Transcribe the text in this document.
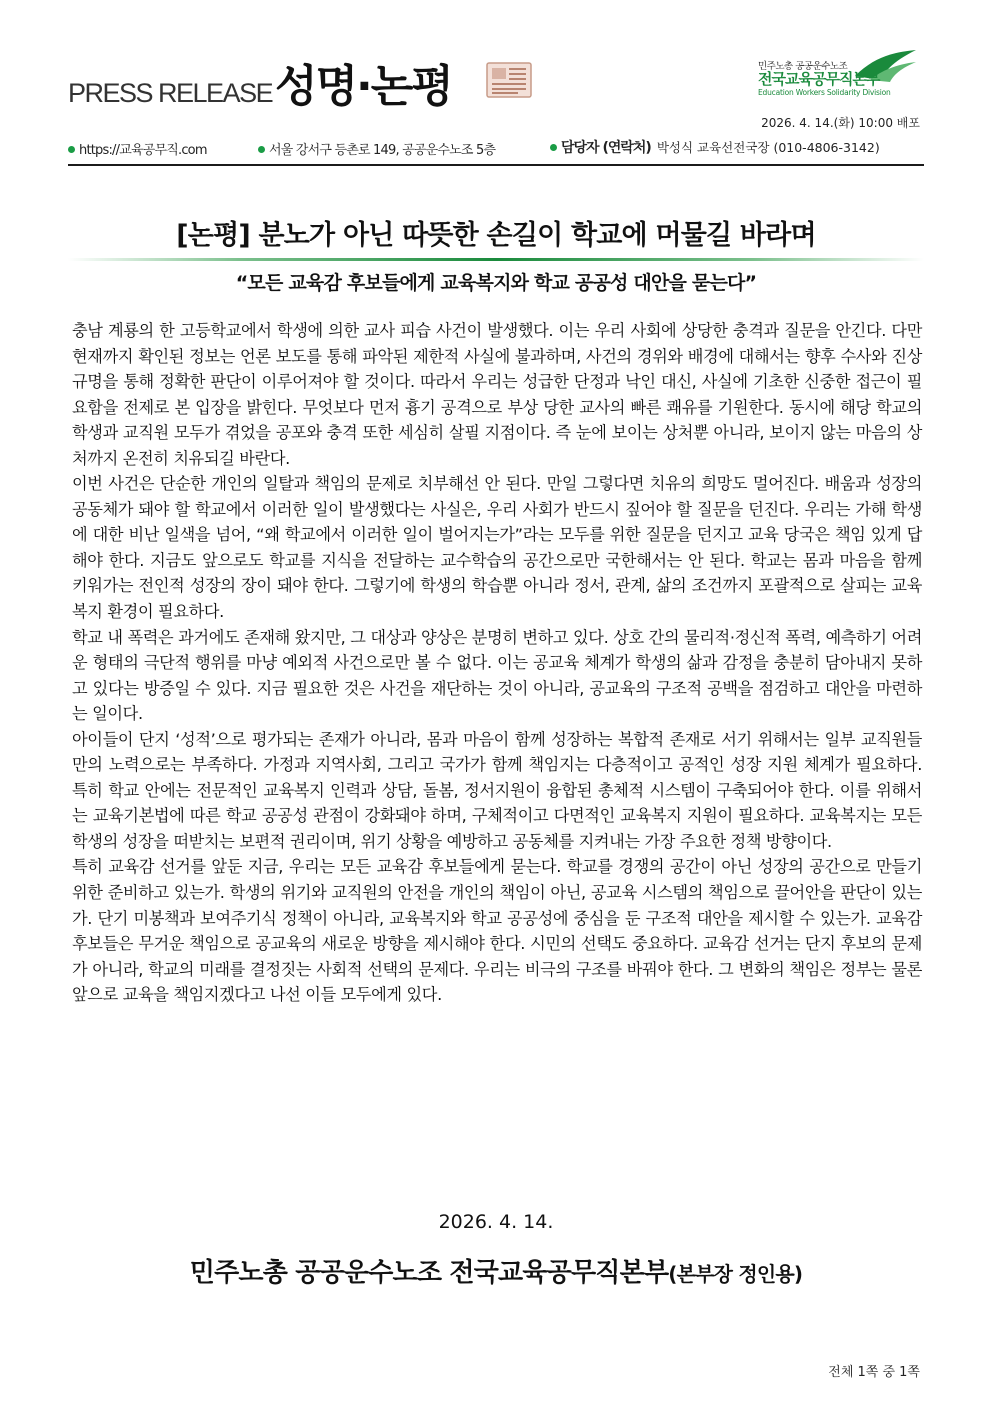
PRESS RELEASE 성명·논평	민주노총 공공운수노조
전국교육공무직본부
Education Workers Solidarity Division
2026. 4. 14.(화) 10:00 배포
https://교육공무직.com	서울 강서구 등촌로 149, 공공운수노조 5층	담당자 (연락처) 박성식 교육선전국장 (010-4806-3142)
[논평] 분노가 아닌 따뜻한 손길이 학교에 머물길 바라며
“모든 교육감 후보들에게 교육복지와 학교 공공성 대안을 묻는다”

충남 계룡의 한 고등학교에서 학생에 의한 교사 피습 사건이 발생했다. 이는 우리 사회에 상당한 충격과 질문을 안긴다. 다만 현재까지 확인된 정보는 언론 보도를 통해 파악된 제한적 사실에 불과하며, 사건의 경위와 배경에 대해서는 향후 수사와 진상 규명을 통해 정확한 판단이 이루어져야 할 것이다. 따라서 우리는 성급한 단정과 낙인 대신, 사실에 기초한 신중한 접근이 필요함을 전제로 본 입장을 밝힌다. 무엇보다 먼저 흉기 공격으로 부상 당한 교사의 빠른 쾌유를 기원한다. 동시에 해당 학교의 학생과 교직원 모두가 겪었을 공포와 충격 또한 세심히 살필 지점이다. 즉 눈에 보이는 상처뿐 아니라, 보이지 않는 마음의 상처까지 온전히 치유되길 바란다.

이번 사건은 단순한 개인의 일탈과 책임의 문제로 치부해선 안 된다. 만일 그렇다면 치유의 희망도 멀어진다. 배움과 성장의 공동체가 돼야 할 학교에서 이러한 일이 발생했다는 사실은, 우리 사회가 반드시 짚어야 할 질문을 던진다. 우리는 가해 학생에 대한 비난 일색을 넘어, “왜 학교에서 이러한 일이 벌어지는가”라는 모두를 위한 질문을 던지고 교육 당국은 책임 있게 답해야 한다. 지금도 앞으로도 학교를 지식을 전달하는 교수학습의 공간으로만 국한해서는 안 된다. 학교는 몸과 마음을 함께 키워가는 전인적 성장의 장이 돼야 한다. 그렇기에 학생의 학습뿐 아니라 정서, 관계, 삶의 조건까지 포괄적으로 살피는 교육복지 환경이 필요하다.

학교 내 폭력은 과거에도 존재해 왔지만, 그 대상과 양상은 분명히 변하고 있다. 상호 간의 물리적·정신적 폭력, 예측하기 어려운 형태의 극단적 행위를 마냥 예외적 사건으로만 볼 수 없다. 이는 공교육 체계가 학생의 삶과 감정을 충분히 담아내지 못하고 있다는 방증일 수 있다. 지금 필요한 것은 사건을 재단하는 것이 아니라, 공교육의 구조적 공백을 점검하고 대안을 마련하는 일이다.

아이들이 단지 ‘성적’으로 평가되는 존재가 아니라, 몸과 마음이 함께 성장하는 복합적 존재로 서기 위해서는 일부 교직원들만의 노력으로는 부족하다. 가정과 지역사회, 그리고 국가가 함께 책임지는 다층적이고 공적인 성장 지원 체계가 필요하다. 특히 학교 안에는 전문적인 교육복지 인력과 상담, 돌봄, 정서지원이 융합된 총체적 시스템이 구축되어야 한다. 이를 위해서는 교육기본법에 따른 학교 공공성 관점이 강화돼야 하며, 구체적이고 다면적인 교육복지 지원이 필요하다. 교육복지는 모든 학생의 성장을 떠받치는 보편적 권리이며, 위기 상황을 예방하고 공동체를 지켜내는 가장 주요한 정책 방향이다.

특히 교육감 선거를 앞둔 지금, 우리는 모든 교육감 후보들에게 묻는다. 학교를 경쟁의 공간이 아닌 성장의 공간으로 만들기 위한 준비하고 있는가. 학생의 위기와 교직원의 안전을 개인의 책임이 아닌, 공교육 시스템의 책임으로 끌어안을 판단이 있는가. 단기 미봉책과 보여주기식 정책이 아니라, 교육복지와 학교 공공성에 중심을 둔 구조적 대안을 제시할 수 있는가. 교육감 후보들은 무거운 책임으로 공교육의 새로운 방향을 제시해야 한다. 시민의 선택도 중요하다. 교육감 선거는 단지 후보의 문제가 아니라, 학교의 미래를 결정짓는 사회적 선택의 문제다. 우리는 비극의 구조를 바꿔야 한다. 그 변화의 책임은 정부는 물론 앞으로 교육을 책임지겠다고 나선 이들 모두에게 있다.

2026. 4. 14.
민주노총 공공운수노조 전국교육공무직본부(본부장 정인용)
전체 1쪽 중 1쪽
